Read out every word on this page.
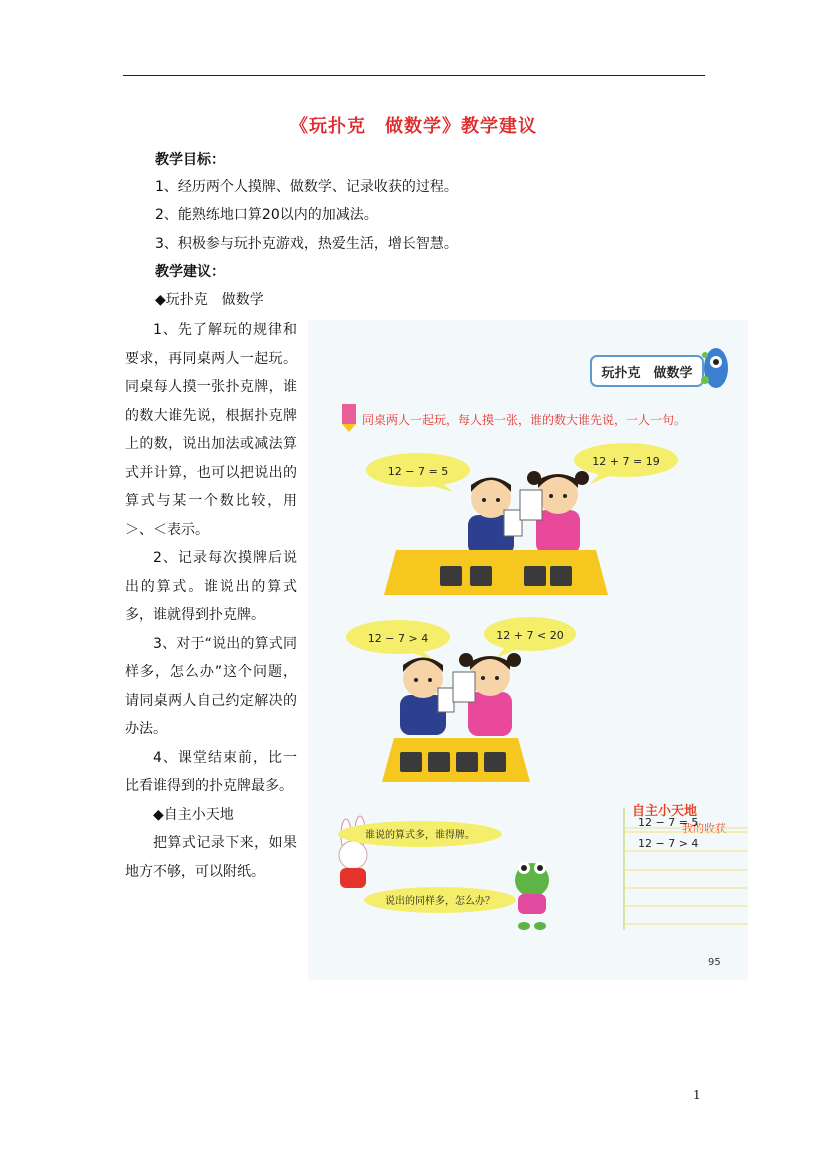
《玩扑克　做数学》教学建议
教学目标：
1、经历两个人摸牌、做数学、记录收获的过程。
2、能熟练地口算20以内的加减法。
3、积极参与玩扑克游戏，热爱生活，增长智慧。
教学建议：
◆玩扑克　做数学

1、先了解玩的规律和要求，再同桌两人一起玩。同桌每人摸一张扑克牌，谁的数大谁先说，根据扑克牌上的数，说出加法或减法算式并计算，也可以把说出的算式与某一个数比较，用＞、＜表示。

2、记录每次摸牌后说出的算式。谁说出的算式多，谁就得到扑克牌。

3、对于“说出的算式同样多，怎么办”这个问题，请同桌两人自己约定解决的办法。

4、课堂结束前，比一比看谁得到的扑克牌最多。

◆自主小天地

把算式记录下来，如果地方不够，可以附纸。

玩扑克　做数学
同桌两人一起玩，每人摸一张，谁的数大谁先说，一人一句。
12 − 7 = 5
12 + 7 = 19
12 − 7 > 4	12 + 7 < 20
自主小天地
我的收获
12 − 7 = 5
12 − 7 > 4
谁说的算式多，谁得牌。
说出的同样多，怎么办？
95
1
